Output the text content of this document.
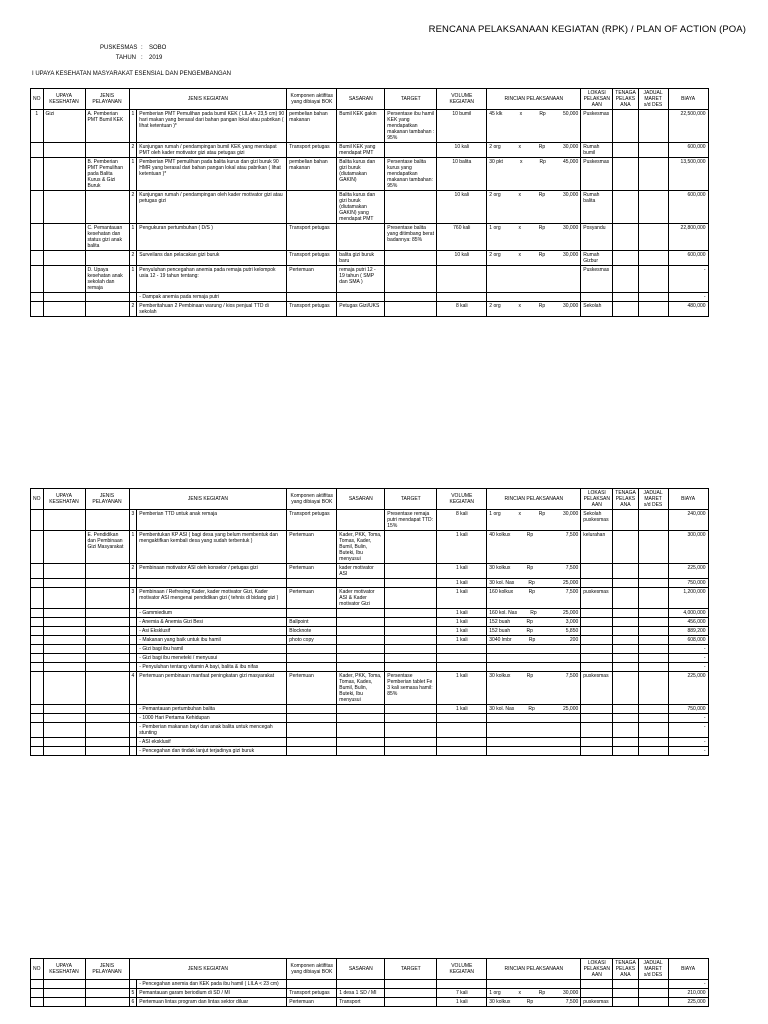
RENCANA PELAKSANAAN KEGIATAN (RPK) / PLAN OF ACTION (POA)
PUSKESMAS :	SOBO
TAHUN :	2019
I UPAYA KESEHATAN MASYARAKAT ESENSIAL DAN PENGEMBANGAN
NO	UPAYA KESEHATAN	JENIS PELAYANAN	JENIS KEGIATAN		Komponen aktifitas yang dibiayai BOK	SASARAN	TARGET	VOLUME KEGIATAN	RINCIAN PELAKSANAAN	LOKASI PELAKSAN AAN	TENAGA PELAKS ANA	JADUAL MARET s/d DES	BIAYA
1	Gizi	A. Pemberian PMT Bumil KEK	1	Pemberian PMT Pemulihan pada bumil KEK ( LILA < 23,5 cm) 90 hari makan yang berasal dari bahan pangan lokal atau pabrikan ( lihat ketentuan )*	pembelian bahan makanan	Bumil KEK gakin	Persentase ibu hamil KEK yang mendapatkan makanan tambahan : 95%	10 bumil	45 klk x Rp 50,000	Puskesmas			22,500,000
			2	Kunjungan rumah / pendampingan bumil KEK yang mendapat PMT oleh kader motivator gizi atau petugas gizi	Transport petugas	Bumil KEK yang mendapat PMT		10 kali	2 org x Rp 30,000	Rumah bumil			600,000
		B. Pemberian PMT Pemulihan pada Balita Kurus & Gizi Buruk	1	Pemberian PMT pemulihan pada balita kurus dan gizi buruk 90 HMR yang berasal dari bahan pangan lokal atau pabrikan ( lihat ketentuan )*	pembelian bahan makanan	Balita kurus dan gizi buruk (diutamakan GAKIN)	Persentase balita kurus yang mendapatkan makanan tambahan: 95%	10 balita	30 pkt x Rp 45,000	Puskesmas			13,500,000
			2	Kunjungan rumah / pendampingan oleh kader motivator gizi atau petugas gizi		Balita kurus dan gizi buruk (diutamakan GAKIN) yang mendapat PMT		10 kali	2 org x Rp 30,000	Rumah balita			600,000
		C. Pemantauan kesehatan dan status gizi anak balita	1	Pengukuran pertumbuhan ( D/S )	Transport petugas		Presentase balita yang ditimbang berat badannya: 85%	760 kali	1 org x Rp 30,000	Posyandu			22,800,000
			2	Surveilans dan pelacakan gizi buruk	Transport petugas	balita gizi buruk baru		10 kali	2 org x Rp 30,000	Rumah Gizbur			600,000
		D. Upaya kesehatan anak sekolah dan remaja	1	Penyuluhan pencegahan anemia pada remaja putri kelompok usia 12 - 19 tahun tentang:	Pertemuan	remaja putri 12 - 19 tahun ( SMP dan SMA )				Puskesmas			-
				- Dampak anemia pada remaja putri									-
			2	Pemberitahuan 2 Pembinaan warung / kios penjual TTD di sekolah	Transport petugas	Petugas Gizi/UKS		8 kali	2 org x Rp 30,000	Sekolah			480,000
NO	UPAYA KESEHATAN	JENIS PELAYANAN	JENIS KEGIATAN		Komponen aktifitas yang dibiayai BOK	SASARAN	TARGET	VOLUME KEGIATAN	RINCIAN PELAKSANAAN	LOKASI PELAKSAN AAN	TENAGA PELAKS ANA	JADUAL MARET s/d DES	BIAYA
			3	Pemberian TTD untuk anak remaja	Transport petugas		Presentase remaja putri mendapat TTD: 15%	8 kali	1 org x Rp 30,000	Sekolah puskesmas			240,000
		E. Pendidikan dan Pembinaan Gizi Masyarakat	1	Pembentukan KP ASI ( bagi desa yang belum membentuk dan mengaktifkan kembali desa yang sudah terbentuk )	Pertemuan	Kader, PKK, Toma, Tomas, Kader, Bumil, Bulin, Buteki, Ibu menyusui		1 kali	40 kolkux Rp 7,500	kelurahan			300,000
			2	Pembinaan motivator ASI oleh konselor / petugas gizi	Pertemuan	kader motivator ASI		1 kali	30 kolkux Rp 7,500				225,000
								1 kali	30 kol. Nas Rp 25,000				750,000
			3	Pembinaan / Refresing Kader, kader motivator Gizi, Kader motivator ASI mengenai pendidikan gizi ( tehnis di bidang gizi )	Pertemuan	Kader motivator ASI & Kader motivator Gizi		1 kali	160 kolkux Rp 7,500	puskesmas			1,200,000
				- Gammiedium				1 kali	160 kol. Nas Rp 25,000				4,000,000
				- Anemia & Anemia Gizi Besi	Ballpoint			1 kali	152 buah Rp 3,000				456,000
				- Asi Eksklusif	Blocknote			1 kali	152 buah Rp 5,850				889,200
				- Makanan yang baik untuk ibu hamil	photo copy			1 kali	3040 lmbr Rp 200				608,000
				- Gizi bagi ibu hamil									-
				- Gizi bagi ibu meneteki / menyusui									-
				- Penyuluhan tentang vitamin A bayi, balita & ibu nifas									-
			4	Pertemuan pembinaan manfaat peningkatan gizi masyarakat	Pertemuan	Kader, PKK, Toma, Tomas, Kades, Bumil, Bulin, Buteki, Ibu menyusui	Persentase Pemberian tablet Fe 3 kali semasa hamil: 85%	1 kali	30 kolkux Rp 7,500	puskesmas			225,000
				- Pemantauan pertumbuhan balita				1 kali	30 kol. Nas Rp 25,000				750,000
				- 1000 Hari Pertama Kehidupan									-
				- Pemberian makanan bayi dan anak balita untuk mencegah stunting									-
				- ASI eksklusif									-
				- Pencegahan dan tindak lanjut terjadinya gizi buruk									-
NO	UPAYA KESEHATAN	JENIS PELAYANAN	JENIS KEGIATAN		Komponen aktifitas yang dibiayai BOK	SASARAN	TARGET	VOLUME KEGIATAN	RINCIAN PELAKSANAAN	LOKASI PELAKSAN AAN	TENAGA PELAKS ANA	JADUAL MARET s/d DES	BIAYA
				- Pencegahan anemia dan KEK pada ibu hamil ( LILA < 23 cm)									-
			5	Pemantauan garam beriodium di SD / MI	Transport petugas	1 desa 1 SD / MI		7 kali	1 org x Rp 30,000				210,000
			6	Pertemuan lintas program dan lintas sektor diluar	Pertemuan	Transport		1 kali	30 kolkux Rp 7,500	puskesmas			225,000
